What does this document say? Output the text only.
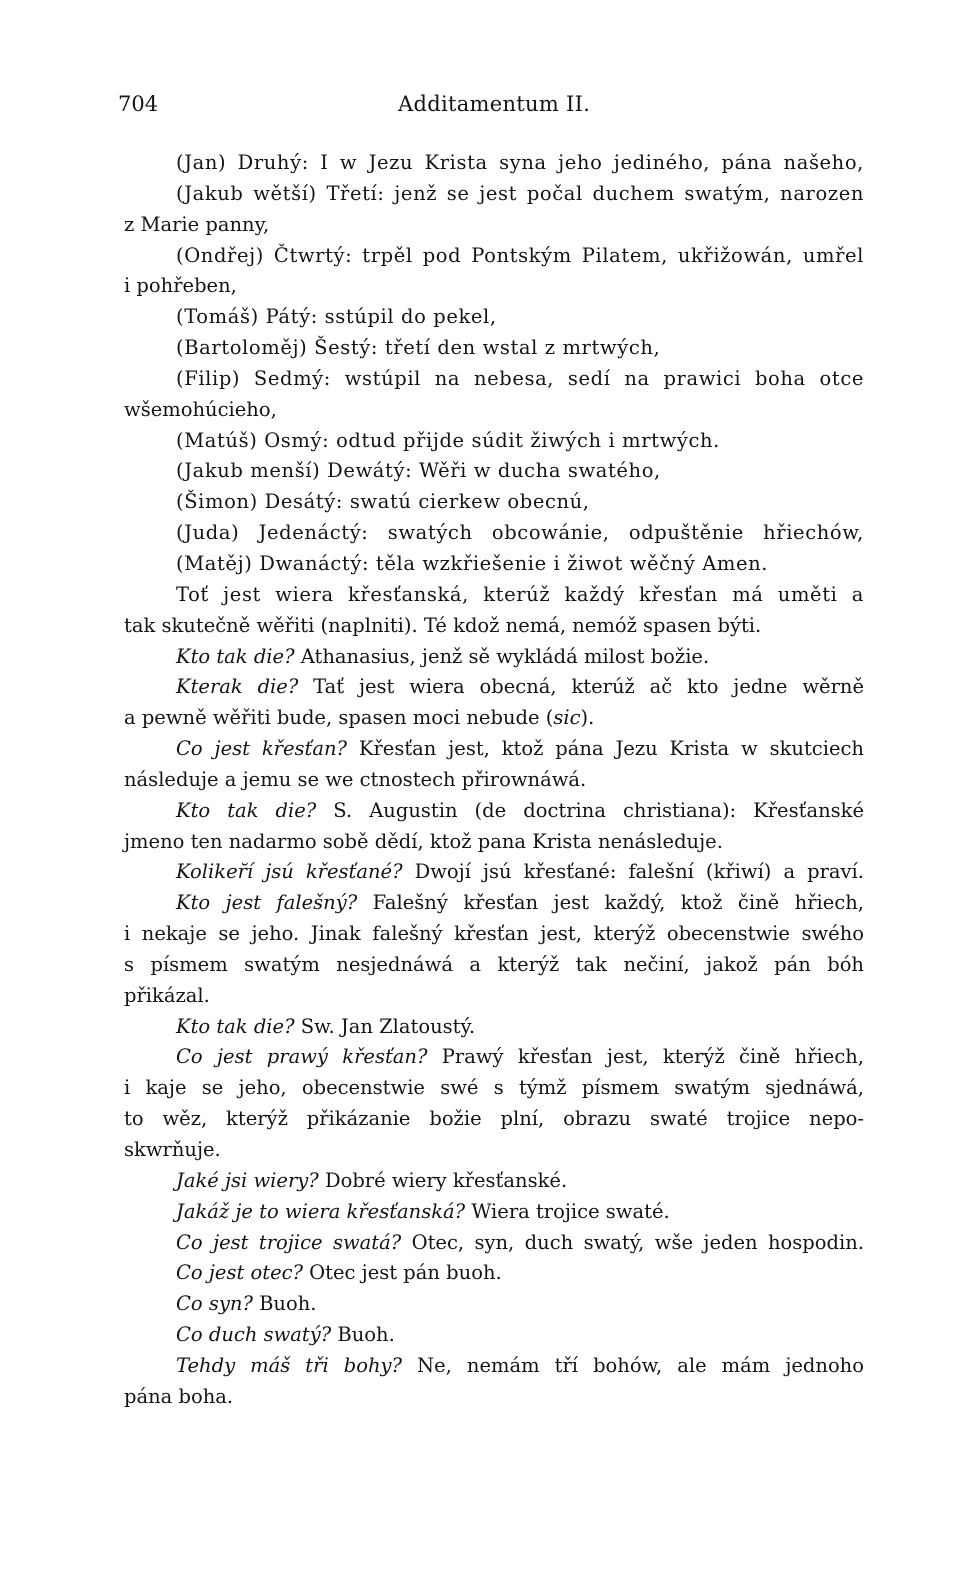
704	Additamentum II.
(Jan) Druhý: I w Jezu Krista syna jeho jediného, pána našeho,
(Jakub wětší) Třetí: jenž se jest počal duchem swatým, narozen
z Marie panny,
(Ondřej) Čtwrtý: trpěl pod Pontským Pilatem, ukřižowán, umřel
i pohřeben,
(Tomáš) Pátý: sstúpil do pekel,
(Bartoloměj) Šestý: třetí den wstal z mrtwých,
(Filip) Sedmý: wstúpil na nebesa, sedí na prawici boha otce
wšemohúcieho,
(Matúš) Osmý: odtud přijde súdit žiwých i mrtwých.
(Jakub menší) Dewátý: Wěři w ducha swatého,
(Šimon) Desátý: swatú cierkew obecnú,
(Juda) Jedenáctý: swatých obcowánie, odpuštěnie hřiechów,
(Matěj) Dwanáctý: těla wzkřiešenie i žiwot wěčný Amen.
Toť jest wiera křesťanská, kterúž každý křesťan má uměti a
tak skutečně wěřiti (naplniti). Té kdož nemá, nemóž spasen býti.
Kto tak die? Athanasius, jenž sě wykládá milost božie.
Kterak die? Tať jest wiera obecná, kterúž ač kto jedne wěrně
a pewně wěřiti bude, spasen moci nebude (sic).
Co jest křesťan? Křesťan jest, ktož pána Jezu Krista w skutciech
následuje a jemu se we ctnostech přirownáwá.
Kto tak die? S. Augustin (de doctrina christiana): Křesťanské
jmeno ten nadarmo sobě dědí, ktož pana Krista nenásleduje.
Koliker̆í jsú křesťané? Dwojí jsú křesťané: falešní (křiwí) a praví.
Kto jest falešný? Falešný křesťan jest každý, ktož čině hřiech,
i nekaje se jeho. Jinak falešný křesťan jest, kterýž obecenstwie swého
s písmem swatým nesjednáwá a kterýž tak nečiní, jakož pán bóh
přikázal.
Kto tak die? Sw. Jan Zlatoustý.
Co jest prawý křesťan? Prawý křesťan jest, kterýž čině hřiech,
i kaje se jeho, obecenstwie swé s týmž písmem swatým sjednáwá,
to wěz, kterýž přikázanie božie plní, obrazu swaté trojice nepo-
skwrňuje.
Jaké jsi wiery? Dobré wiery křesťanské.
Jakáž je to wiera křesťanská? Wiera trojice swaté.
Co jest trojice swatá? Otec, syn, duch swatý, wše jeden hospodin.
Co jest otec? Otec jest pán buoh.
Co syn? Buoh.
Co duch swatý? Buoh.
Tehdy máš tři bohy? Ne, nemám tří bohów, ale mám jednoho
pána boha.
